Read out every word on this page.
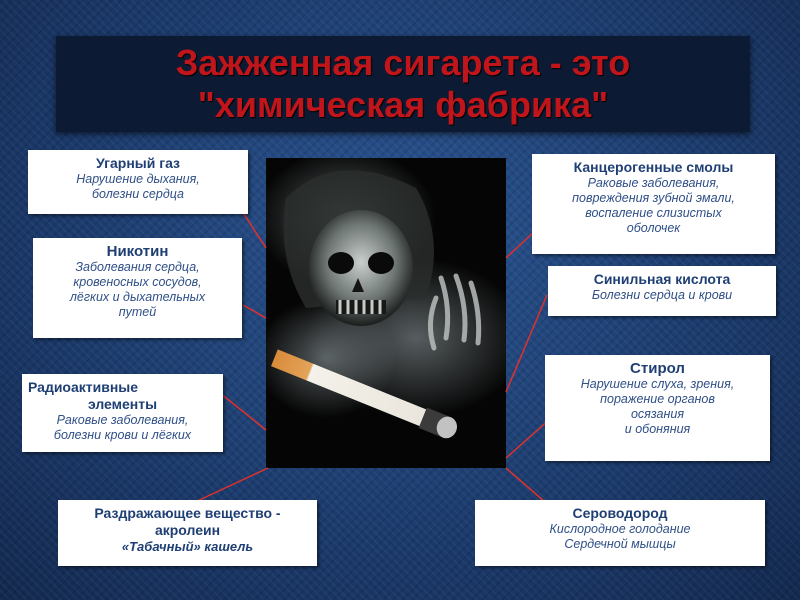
Зажженная сигарета - это
"химическая фабрика"
Угарный газ
Нарушение дыхания,
болезни сердца
Никотин
Заболевания сердца,
кровеносных сосудов,
лёгких и дыхательных
путей
Радиоактивные
элементы
Раковые заболевания,
болезни крови и лёгких
Раздражающее вещество -
акролеин
«Табачный» кашель
Канцерогенные смолы
Раковые заболевания,
повреждения зубной эмали,
воспаление слизистых
оболочек
Синильная кислота
Болезни сердца и крови
Стирол
Нарушение слуха, зрения,
поражение органов
осязания
и обоняния
Сероводород
Кислородное голодание
Сердечной мышцы
